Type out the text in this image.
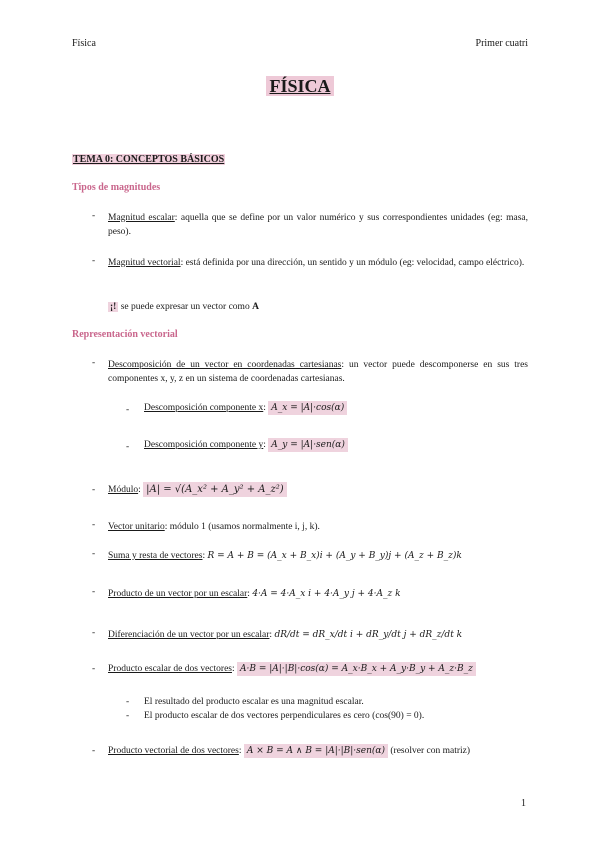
Física	Primer cuatri
FÍSICA
TEMA 0: CONCEPTOS BÁSICOS
Tipos de magnitudes
- Magnitud escalar: aquella que se define por un valor numérico y sus correspondientes unidades (eg: masa, peso).
- Magnitud vectorial: está definida por una dirección, un sentido y un módulo (eg: velocidad, campo eléctrico).
¡! se puede expresar un vector como A
Representación vectorial
- Descomposición de un vector en coordenadas cartesianas: un vector puede descomponerse en sus tres componentes x, y, z en un sistema de coordenadas cartesianas.
- Descomposición componente x: A_x = |A|·cos(α)
- Descomposición componente y: A_y = |A|·sen(α)
- Módulo: |A| = √(A_x² + A_y² + A_z²)
- Vector unitario: módulo 1 (usamos normalmente i, j, k).
- Suma y resta de vectores: R = A + B = (A_x + B_x)i + (A_y + B_y)j + (A_z + B_z)k
- Producto de un vector por un escalar: 4·A = 4·A_x i + 4·A_y j + 4·A_z k
- Diferenciación de un vector por un escalar: dR/dt = dR_x/dt i + dR_y/dt j + dR_z/dt k
- Producto escalar de dos vectores: A·B = |A|·|B|·cos(α) = A_x·B_x + A_y·B_y + A_z·B_z
- El resultado del producto escalar es una magnitud escalar.
- El producto escalar de dos vectores perpendiculares es cero (cos(90) = 0).
- Producto vectorial de dos vectores: A × B = A ∧ B = |A|·|B|·sen(α) (resolver con matriz)
1
